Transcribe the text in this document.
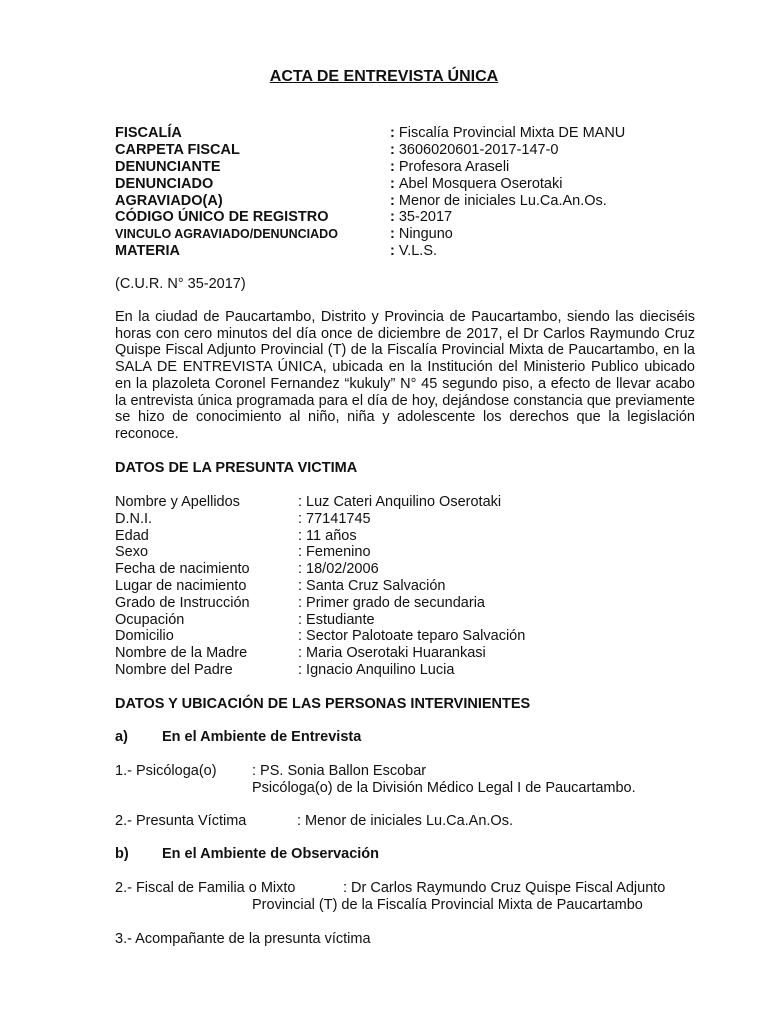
ACTA DE ENTREVISTA ÚNICA
FISCALÍA	: Fiscalía Provincial Mixta DE MANU
CARPETA FISCAL	: 3606020601-2017-147-0
DENUNCIANTE	: Profesora Araseli
DENUNCIADO	: Abel Mosquera Oserotaki
AGRAVIADO(A)	: Menor de iniciales Lu.Ca.An.Os.
CÓDIGO ÚNICO DE REGISTRO	: 35-2017
VINCULO AGRAVIADO/DENUNCIADO	: Ninguno
MATERIA	: V.L.S.
(C.U.R. N° 35-2017)
En la ciudad de Paucartambo, Distrito y Provincia de Paucartambo, siendo las dieciséis horas con cero minutos del día once de diciembre de 2017, el Dr Carlos Raymundo Cruz Quispe Fiscal Adjunto Provincial (T) de la Fiscalía Provincial Mixta de Paucartambo, en la SALA DE ENTREVISTA ÚNICA, ubicada en la Institución del Ministerio Publico ubicado en la plazoleta Coronel Fernandez “kukuly” N° 45 segundo piso, a efecto de llevar acabo la entrevista única programada para el día de hoy, dejándose constancia que previamente se hizo de conocimiento al niño, niña y adolescente los derechos que la legislación reconoce.
DATOS DE LA PRESUNTA VICTIMA
Nombre y Apellidos	: Luz Cateri Anquilino Oserotaki
D.N.I.	: 77141745
Edad	: 11 años
Sexo	: Femenino
Fecha de nacimiento	: 18/02/2006
Lugar de nacimiento	: Santa Cruz Salvación
Grado de Instrucción	: Primer grado de secundaria
Ocupación	: Estudiante
Domicilio	: Sector Palotoate teparo Salvación
Nombre de la Madre	: Maria Oserotaki Huarankasi
Nombre del Padre	: Ignacio Anquilino Lucia
DATOS Y UBICACIÓN DE LAS PERSONAS INTERVINIENTES
a)	En el Ambiente de Entrevista
1.- Psicóloga(o) : PS. Sonia Ballon Escobar
Psicóloga(o) de la División Médico Legal I de Paucartambo.
2.- Presunta Víctima	: Menor de iniciales Lu.Ca.An.Os.
b)	En el Ambiente de Observación
2.- Fiscal de Familia o Mixto	: Dr Carlos Raymundo Cruz Quispe Fiscal Adjunto
Provincial (T) de la Fiscalía Provincial Mixta de Paucartambo
3.- Acompañante de la presunta víctima
